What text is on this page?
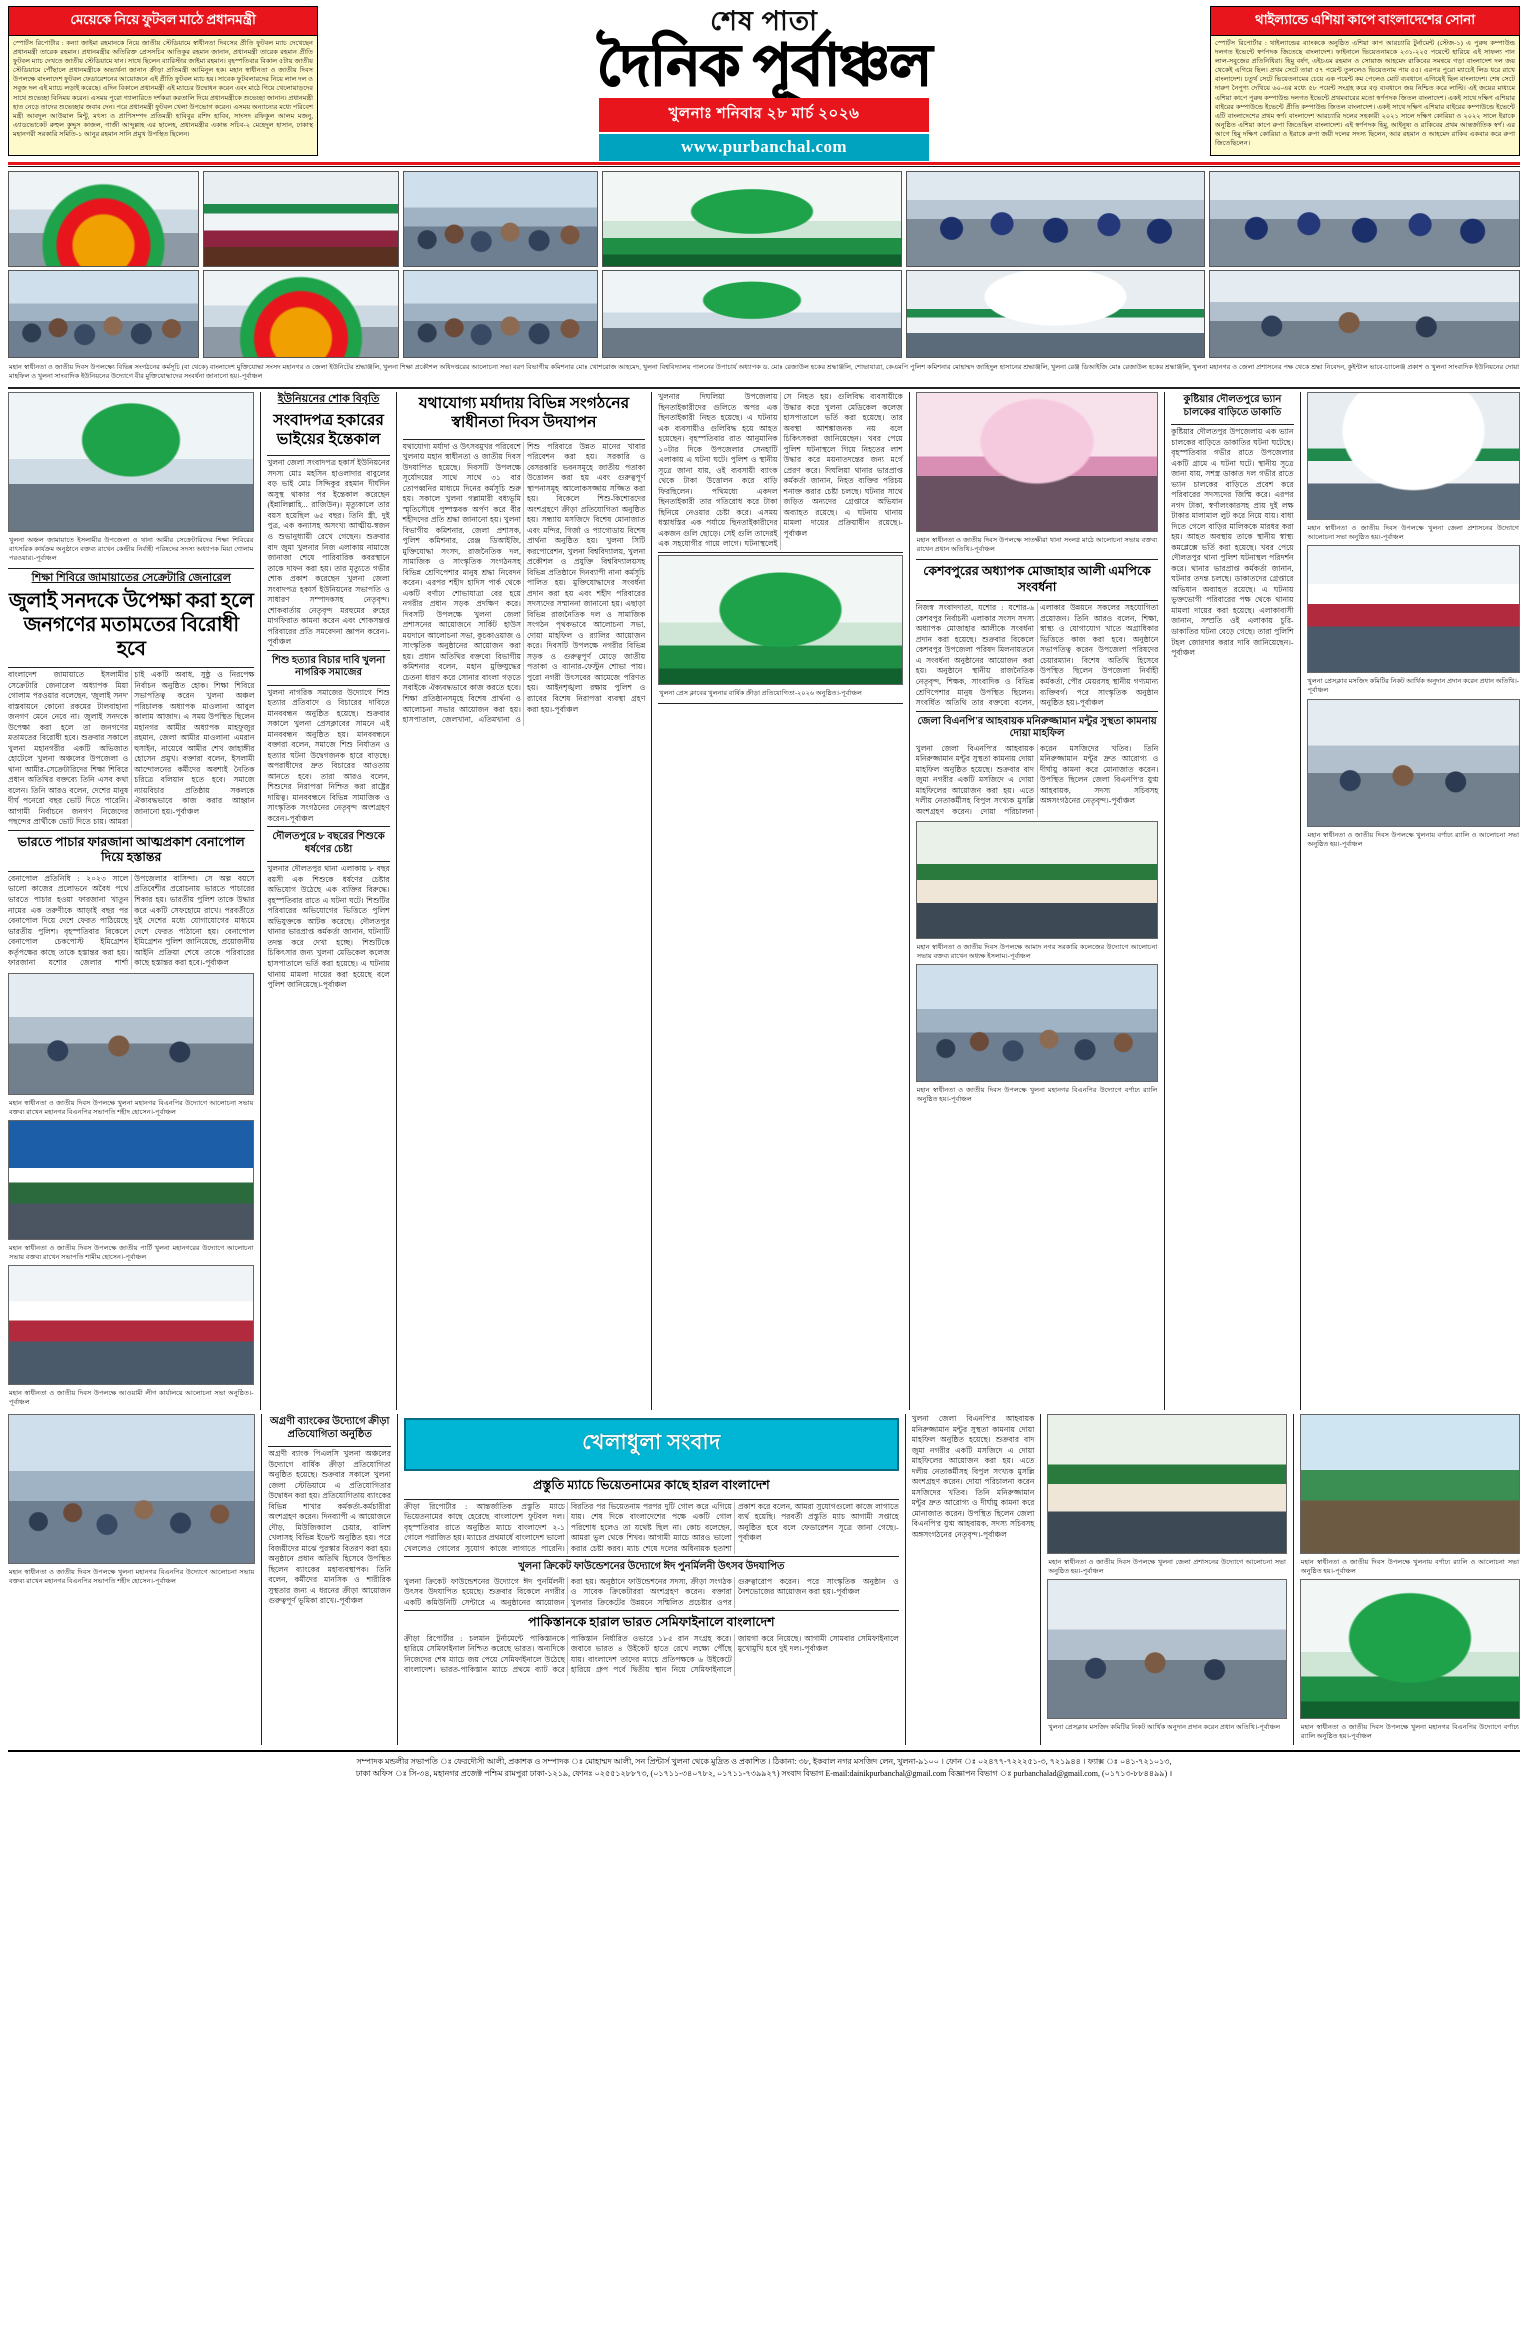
মেয়েকে নিয়ে ফুটবল মাঠে প্রধানমন্ত্রী
স্পোর্টস রিপোর্টার : কন্যা জাইমা রহমানকে নিয়ে জাতীয় স্টেডিয়ামে স্বাধীনতা দিবসের প্রীতি ফুটবল ম্যাচ দেখেছেন প্রধানমন্ত্রী তারেক রহমান। প্রধানমন্ত্রীর অতিরিক্ত প্রেসসচিব আতিকুর রহমান জানান, প্রধানমন্ত্রী তারেক রহমান প্রীতি ফুটবল ম্যাচ দেখতে জাতীয় স্টেডিয়ামে যান। সাথে ছিলেন ব্যারিস্টার জাইমা রহমান। বৃহস্পতিবার বিকাল ৫টায় জাতীয় স্টেডিয়ামে পৌঁছালে প্রধানমন্ত্রীকে অভ্যর্থনা জানান ক্রীড়া প্রতিমন্ত্রী আমিনুল হক। মহান স্বাধীনতা ও জাতীয় দিবস উপলক্ষে বাংলাদেশ ফুটবল ফেডারেশনের আয়োজনে এই প্রীতি ফুটবল ম্যাচ হয়। সাবেক ফুটবলারদের নিয়ে লাল দল ও সবুজ দল এই ম্যাচে লড়াই করেছে। এদিন বিকালে প্রধানমন্ত্রী এই ম্যাচের উদ্বোধন করেন এবং মাঠে গিয়ে খেলোয়াড়দের সাথে শুভেচ্ছা বিনিময় করেন। এসময় পুরো গ্যালারিতে দর্শকরা করতালি দিয়ে প্রধানমন্ত্রীকে শুভেচ্ছা জানান। প্রধানমন্ত্রী হাত নেড়ে তাদের শুভেচ্ছার জবাব দেন। পরে প্রধানমন্ত্রী ফুটবল খেলা উপভোগ করেন। এসময় অন্যান্যের মধ্যে পরিবেশ মন্ত্রী আবদুল আউয়াল মিন্টু, মৎস্য ও প্রাণিসম্পদ প্রতিমন্ত্রী হাবিবুর রশিদ হাবিব, সাংসদ রফিকুল আলম মজনু, এ্যাডভোকেট রুহুল কুদ্দুস কাজল, গাজী আব্দুল্লাহ এর ছালেহ, প্রধানমন্ত্রীর একান্ত সচিব-২ মেহেদুল হাসান, ঢাকাস্থ মহানগরী সরকারি সমিতি-১ আনুর রহমান সানি প্রমুখ উপস্থিত ছিলেন।
শেষ পাতা
দৈনিক পূর্বাঞ্চল
খুলনাঃ শনিবার ২৮ মার্চ ২০২৬
www.purbanchal.com
থাইল্যান্ডে এশিয়া কাপে বাংলাদেশের সোনা
স্পোর্টস রিপোর্টার : থাইল্যান্ডের ব্যাংককে অনুষ্ঠিত এশিয়া কাপ আরচ্যারি টুর্নামেন্ট (স্টেজ-১) এ পুরুষ কম্পাউন্ড দলগত ইভেন্টে স্বর্ণপদক জিতেছে বাংলাদেশ। ফাইনালে ভিয়েতনামকে ২৩১-২২৫ পয়েন্টে হারিয়ে এই সাফল্য পান লাল-সবুজের প্রতিনিধিরা। হিমু বর্ষণ, এইচএম রহমান ও সোয়াজ আহমেদ রাকিবের সমন্বয়ে গড়া বাংলাদেশ দল জয় থেকেই এগিয়ে ছিল। প্রথম সেটে তারা ৫৭ পয়েন্ট তুললেও ভিয়েতনাম পায় ৫৫। এরপর পুরো ম্যাচেই লিড ধরে রাখে বাংলাদেশ। চতুর্থ সেটে ভিয়েতনামের চেয়ে এক পয়েন্ট কম পেলেও মোট ব্যবধানে এগিয়েই ছিল বাংলাদেশ। শেষ সেটে দারুণ নৈপুণ্য দেখিয়ে ৬০-এর মধ্যে ৫৮ পয়েন্ট সংগ্রহ করে বড় ব্যবধানে জয় নিশ্চিত করে লাল্টি। এই জয়ের মাধ্যমে এশিয়া কাপে পুরুষ কম্পাউন্ড দলগত ইভেন্টে প্রথমবারের মতো স্বর্ণপদক জিতল বাংলাদেশ। একই সাথে দক্ষিণ এশিয়ার বাইরের কম্পাউন্ডে ইভেন্টে প্রীতি কম্পাউন্ড জিতল বাংলাদেশ। একই সাথে দক্ষিণ এশিয়ার বাইরের কম্পাউন্ডে ইভেন্টে এটি বাংলাদেশের প্রথম স্বর্ণ। বাংলাদেশ আরচ্যারি দলের সহকারী ২০২১ সালে দক্ষিণ কোরিয়া ও ২০২২ সালে ইরাকে অনুষ্ঠিত এশিয়া কাপে রুপা জিতেছিল বাংলাদেশ। এই স্বর্ণপদক হিমু, আইনুষ্য ও রাকিবের প্রথম আন্তর্জাতিক স্বর্ণ। এর আগে হিমু দক্ষিণ কোরিয়া ও ইরাকে রুপা জয়ী দলের সদস্য ছিলেন, আর রহমান ও আহমেদ রাকিব একবার করে রুপা জিতেছিলেন।
মহান স্বাধীনতা ও জাতীয় দিবস উপলক্ষ্যে বিভিন্ন সংগঠনের কর্মসূচি (বা থেকে) বাংলাদেশ মুক্তিযোদ্ধা সংসদ মহানগর ও জেলা ইউনিটের শ্রদ্ধাঞ্জলি, খুলনা শিক্ষা প্রকৌশল অধিদপ্তরের আলোচনা সভা বরণ বিভাগীয় কমিশনার মোঃ খোশরোজ আহমেদ, খুলনা বিশ্ববিদ্যালয় পালনের উপাচার্য অধ্যাপক ড. মোঃ রেজাউল হকের শ্রদ্ধাঞ্জলি, শোভাযাত্রা, কেএমপি পুলিশ কমিশনার মোহাম্মদ জাহিদুল হাসানের শ্রদ্ধাঞ্জলি, খুলনা রেঞ্জ ডিআইজি মোঃ রেজাউল হকের শ্রদ্ধাঞ্জলি, খুলনা মহানগর ও জেলা প্রশাসনের পক্ষ থেকে শ্রদ্ধা নিবেদন, কুইন্টাল ভাবে-চ্যালেঞ্জ প্রকাশ ও খুলনা সাংবাদিক ইউনিয়নের দোয়া মাহফিল ও খুলনা সাংবাদিক ইউনিয়নের উদ্যোগে বীর মুক্তিযোদ্ধাদের সংবর্ধনা জানানো হয়।-পূর্বাঞ্চল
খুলনা অঞ্চল জামায়াতে ইসলামীর উপজেলা ও থানা আমীর সেক্রেটারিদের শিক্ষা শিবিরের বাৎসরিক কার্যক্রম অনুষ্ঠানে বক্তব্য রাখেন কেন্দ্রীয় নির্বাহী পরিষদের সদস্য অধ্যাপক মিয়া গোলাম পরওয়ার।-পূর্বাঞ্চল
শিক্ষা শিবিরে জামায়াতের সেক্রেটারি জেনারেল
জুলাই সনদকে উপেক্ষা করা হলে জনগণের মতামতের বিরোধী হবে
বাংলাদেশ জামায়াতে ইসলামীর সেক্রেটারি জেনারেল অধ্যাপক মিয়া গোলাম পরওয়ার বলেছেন, 'জুলাই সনদ' বাস্তবায়নে কোনো রকমের টালবাহানা জনগণ মেনে নেবে না। জুলাই সনদকে উপেক্ষা করা হলে তা জনগণের মতামতের বিরোধী হবে। শুক্রবার সকালে খুলনা মহানগরীর একটি অভিজাত হোটেলে খুলনা অঞ্চলের উপজেলা ও থানা আমীর-সেক্রেটারিদের শিক্ষা শিবিরে প্রধান অতিথির বক্তব্যে তিনি এসব কথা বলেন। তিনি আরও বলেন, দেশের মানুষ দীর্ঘ পনেরো বছর ভোট দিতে পারেনি। আগামী নির্বাচনে জনগণ নিজেদের পছন্দের প্রার্থীকে ভোট দিতে চায়। আমরা চাই একটি অবাধ, সুষ্ঠু ও নিরপেক্ষ নির্বাচন অনুষ্ঠিত হোক। শিক্ষা শিবিরে সভাপতিত্ব করেন খুলনা অঞ্চল পরিচালক অধ্যাপক মাওলানা আবুল কালাম আজাদ। এ সময় উপস্থিত ছিলেন মহানগর আমীর অধ্যাপক মাহফুজুর রহমান, জেলা আমীর মাওলানা এমরান হুসাইন, নায়েবে আমীর শেখ জাহাঙ্গীর হোসেন প্রমুখ। বক্তারা বলেন, ইসলামী আন্দোলনের কর্মীদের অবশ্যই নৈতিক চরিত্রে বলিয়ান হতে হবে। সমাজে ন্যায়বিচার প্রতিষ্ঠায় সকলকে ঐক্যবদ্ধভাবে কাজ করার আহ্বান জানানো হয়।-পূর্বাঞ্চল
ভারতে পাচার ফারজানা আত্মপ্রকাশ বেনাপোল দিয়ে হস্তান্তর
বেনাপোল প্রতিনিধি : ২০২৩ সালে ভালো কাজের প্রলোভনে অবৈধ পথে ভারতে পাচার হওয়া ফারজানা খাতুন নামের এক তরুণীকে আড়াই বছর পর বেনাপোল দিয়ে দেশে ফেরত পাঠিয়েছে ভারতীয় পুলিশ। বৃহস্পতিবার বিকেলে বেনাপোল চেকপোস্ট ইমিগ্রেশন কর্তৃপক্ষের কাছে তাকে হস্তান্তর করা হয়। ফারজানা যশোর জেলার শার্শা উপজেলার বাসিন্দা। সে অল্প বয়সে প্রতিবেশীর প্ররোচনায় ভারতে পাচারের শিকার হয়। ভারতীয় পুলিশ তাকে উদ্ধার করে একটি সেফহোমে রাখে। পরবর্তীতে দুই দেশের মধ্যে যোগাযোগের মাধ্যমে দেশে ফেরত পাঠানো হয়। বেনাপোল ইমিগ্রেশন পুলিশ জানিয়েছে, প্রয়োজনীয় আইনি প্রক্রিয়া শেষে তাকে পরিবারের কাছে হস্তান্তর করা হবে।-পূর্বাঞ্চল
মহান স্বাধীনতা ও জাতীয় দিবস উপলক্ষে খুলনা মহানগর বিএনপির উদ্যোগে আলোচনা সভায় বক্তব্য রাখেন মহানগর বিএনপির সভাপতি শহীদ হোসেন।-পূর্বাঞ্চল
মহান স্বাধীনতা ও জাতীয় দিবস উপলক্ষে জাতীয় পার্টি খুলনা মহানগরের উদ্যোগে আলোচনা সভায় বক্তব্য রাখেন সভাপতি শামীম হোসেন।-পূর্বাঞ্চল
মহান স্বাধীনতা ও জাতীয় দিবস উপলক্ষে আওয়ামী লীগ কার্যালয়ে আলোচনা সভা অনুষ্ঠিত।-পূর্বাঞ্চল
ইউনিয়নের শোক বিবৃতি
সংবাদপত্র হকারের ভাইয়ের ইন্তেকাল
খুলনা জেলা সংবাদপত্র হকার্স ইউনিয়নের সদস্য মোঃ মহসিন হাওলাদার বাবুলের বড় ভাই মোঃ সিদ্দিকুর রহমান দীর্ঘদিন অসুস্থ থাকার পর ইন্তেকাল করেছেন (ইন্নালিল্লাহি... রাজিউন)। মৃত্যুকালে তার বয়স হয়েছিল ৬৫ বছর। তিনি স্ত্রী, দুই পুত্র, এক কন্যাসহ অসংখ্য আত্মীয়-স্বজন ও শুভানুধ্যায়ী রেখে গেছেন। শুক্রবার বাদ জুমা খুলনার নিজ এলাকায় নামাজে জানাজা শেষে পারিবারিক কবরস্থানে তাকে দাফন করা হয়। তার মৃত্যুতে গভীর শোক প্রকাশ করেছেন খুলনা জেলা সংবাদপত্র হকার্স ইউনিয়নের সভাপতি ও সাধারণ সম্পাদকসহ নেতৃবৃন্দ। শোকবার্তায় নেতৃবৃন্দ মরহুমের রুহের মাগফিরাত কামনা করেন এবং শোকসন্তপ্ত পরিবারের প্রতি সমবেদনা জ্ঞাপন করেন।-পূর্বাঞ্চল
শিশু হত্যার বিচার দাবি খুলনা নাগরিক সমাজের
খুলনা নাগরিক সমাজের উদ্যোগে শিশু হত্যার প্রতিবাদে ও বিচারের দাবিতে মানববন্ধন অনুষ্ঠিত হয়েছে। শুক্রবার সকালে খুলনা প্রেসক্লাবের সামনে এই মানববন্ধন অনুষ্ঠিত হয়। মানববন্ধনে বক্তারা বলেন, সমাজে শিশু নির্যাতন ও হত্যার ঘটনা উদ্বেগজনক হারে বাড়ছে। অপরাধীদের দ্রুত বিচারের আওতায় আনতে হবে। তারা আরও বলেন, শিশুদের নিরাপত্তা নিশ্চিত করা রাষ্ট্রের দায়িত্ব। মানববন্ধনে বিভিন্ন সামাজিক ও সাংস্কৃতিক সংগঠনের নেতৃবৃন্দ অংশগ্রহণ করেন।-পূর্বাঞ্চল
দৌলতপুরে ৮ বছরের শিশুকে ধর্ষণের চেষ্টা
খুলনার দৌলতপুর থানা এলাকায় ৮ বছর বয়সী এক শিশুকে ধর্ষণের চেষ্টার অভিযোগ উঠেছে এক ব্যক্তির বিরুদ্ধে। বৃহস্পতিবার রাতে এ ঘটনা ঘটে। শিশুটির পরিবারের অভিযোগের ভিত্তিতে পুলিশ অভিযুক্তকে আটক করেছে। দৌলতপুর থানার ভারপ্রাপ্ত কর্মকর্তা জানান, ঘটনাটি তদন্ত করে দেখা হচ্ছে। শিশুটিকে চিকিৎসার জন্য খুলনা মেডিকেল কলেজ হাসপাতালে ভর্তি করা হয়েছে। এ ঘটনায় থানায় মামলা দায়ের করা হয়েছে বলে পুলিশ জানিয়েছে।-পূর্বাঞ্চল
যথাযোগ্য মর্যাদায় বিভিন্ন সংগঠনের স্বাধীনতা দিবস উদযাপন
যথাযোগ্য মর্যাদা ও উৎসবমুখর পরিবেশে খুলনায় মহান স্বাধীনতা ও জাতীয় দিবস উদযাপিত হয়েছে। দিবসটি উপলক্ষে সূর্যোদয়ের সাথে সাথে ৩১ বার তোপধ্বনির মাধ্যমে দিনের কর্মসূচি শুরু হয়। সকালে খুলনা গল্লামারী বধ্যভূমি স্মৃতিসৌধে পুষ্পস্তবক অর্পণ করে বীর শহীদদের প্রতি শ্রদ্ধা জানানো হয়। খুলনা বিভাগীয় কমিশনার, জেলা প্রশাসক, পুলিশ কমিশনার, রেঞ্জ ডিআইজি, মুক্তিযোদ্ধা সংসদ, রাজনৈতিক দল, সামাজিক ও সাংস্কৃতিক সংগঠনসহ বিভিন্ন শ্রেণিপেশার মানুষ শ্রদ্ধা নিবেদন করেন। এরপর শহীদ হাদিস পার্ক থেকে একটি বর্ণাঢ্য শোভাযাত্রা বের হয়ে নগরীর প্রধান সড়ক প্রদক্ষিণ করে। দিবসটি উপলক্ষে খুলনা জেলা প্রশাসনের আয়োজনে সার্কিট হাউস ময়দানে আলোচনা সভা, কুচকাওয়াজ ও সাংস্কৃতিক অনুষ্ঠানের আয়োজন করা হয়। প্রধান অতিথির বক্তব্যে বিভাগীয় কমিশনার বলেন, মহান মুক্তিযুদ্ধের চেতনা ধারণ করে সোনার বাংলা গড়তে সবাইকে ঐক্যবদ্ধভাবে কাজ করতে হবে। শিক্ষা প্রতিষ্ঠানসমূহে বিশেষ প্রার্থনা ও আলোচনা সভার আয়োজন করা হয়। হাসপাতাল, জেলখানা, এতিমখানা ও শিশু পরিবারে উন্নত মানের খাবার পরিবেশন করা হয়। সরকারি ও বেসরকারি ভবনসমূহে জাতীয় পতাকা উত্তোলন করা হয় এবং গুরুত্বপূর্ণ স্থাপনাসমূহ আলোকসজ্জায় সজ্জিত করা হয়। বিকেলে শিশু-কিশোরদের অংশগ্রহণে ক্রীড়া প্রতিযোগিতা অনুষ্ঠিত হয়। সন্ধ্যায় মসজিদে বিশেষ মোনাজাত এবং মন্দির, গির্জা ও প্যাগোডায় বিশেষ প্রার্থনা অনুষ্ঠিত হয়। খুলনা সিটি করপোরেশন, খুলনা বিশ্ববিদ্যালয়, খুলনা প্রকৌশল ও প্রযুক্তি বিশ্ববিদ্যালয়সহ বিভিন্ন প্রতিষ্ঠানে দিনব্যাপী নানা কর্মসূচি পালিত হয়। মুক্তিযোদ্ধাদের সংবর্ধনা প্রদান করা হয় এবং শহীদ পরিবারের সদস্যদের সম্মাননা জানানো হয়। এছাড়া বিভিন্ন রাজনৈতিক দল ও সামাজিক সংগঠন পৃথকভাবে আলোচনা সভা, দোয়া মাহফিল ও র‍্যালির আয়োজন করে। দিবসটি উপলক্ষে নগরীর বিভিন্ন সড়ক ও গুরুত্বপূর্ণ মোড়ে জাতীয় পতাকা ও ব্যানার-ফেস্টুন শোভা পায়। পুরো নগরী উৎসবের আমেজে পরিণত হয়। আইনশৃঙ্খলা রক্ষায় পুলিশ ও র‍্যাবের বিশেষ নিরাপত্তা ব্যবস্থা গ্রহণ করা হয়।-পূর্বাঞ্চল
খুলনার দিঘলিয়া উপজেলায় ছিনতাইকারীদের গুলিতে অপর এক ছিনতাইকারী নিহত হয়েছে। এ ঘটনায় এক ব্যবসায়ীও গুলিবিদ্ধ হয়ে আহত হয়েছেন। বৃহস্পতিবার রাত আনুমানিক ১০টার দিকে উপজেলার সেনহাটি এলাকায় এ ঘটনা ঘটে। পুলিশ ও স্থানীয় সূত্রে জানা যায়, ওই ব্যবসায়ী ব্যাংক থেকে টাকা উত্তোলন করে বাড়ি ফিরছিলেন। পথিমধ্যে একদল ছিনতাইকারী তার গতিরোধ করে টাকা ছিনিয়ে নেওয়ার চেষ্টা করে। এসময় ধস্তাধস্তির এক পর্যায়ে ছিনতাইকারীদের একজন গুলি ছোড়ে। সেই গুলি তাদেরই এক সহযোগীর গায়ে লাগে। ঘটনাস্থলেই সে নিহত হয়। গুলিবিদ্ধ ব্যবসায়ীকে উদ্ধার করে খুলনা মেডিকেল কলেজ হাসপাতালে ভর্তি করা হয়েছে। তার অবস্থা আশঙ্কাজনক নয় বলে চিকিৎসকরা জানিয়েছেন। খবর পেয়ে পুলিশ ঘটনাস্থলে গিয়ে নিহতের লাশ উদ্ধার করে ময়নাতদন্তের জন্য মর্গে প্রেরণ করে। দিঘলিয়া থানার ভারপ্রাপ্ত কর্মকর্তা জানান, নিহত ব্যক্তির পরিচয় শনাক্ত করার চেষ্টা চলছে। ঘটনার সাথে জড়িত অন্যদের গ্রেপ্তারে অভিযান অব্যাহত রয়েছে। এ ঘটনায় থানায় মামলা দায়ের প্রক্রিয়াধীন রয়েছে।-পূর্বাঞ্চল
খুলনা প্রেস ক্লাবের খুলনার বার্ষিক ক্রীড়া প্রতিযোগিতা-২০২৬ অনুষ্ঠিত।-পূর্বাঞ্চল
মহান স্বাধীনতা ও জাতীয় দিবস উপলক্ষে সাতক্ষীরা থানা সংলগ্ন মাঠে আলোচনা সভায় বক্তব্য রাখেন প্রধান অতিথি।-পূর্বাঞ্চল
কেশবপুরের অধ্যাপক মোজাহার আলী এমপিকে সংবর্ধনা
নিজস্ব সংবাদদাতা, যশোর : যশোর-৬ কেশবপুর নির্বাচনী এলাকার সংসদ সদস্য অধ্যাপক মোজাহার আলীকে সংবর্ধনা প্রদান করা হয়েছে। শুক্রবার বিকেলে কেশবপুর উপজেলা পরিষদ মিলনায়তনে এ সংবর্ধনা অনুষ্ঠানের আয়োজন করা হয়। অনুষ্ঠানে স্থানীয় রাজনৈতিক নেতৃবৃন্দ, শিক্ষক, সাংবাদিক ও বিভিন্ন শ্রেণিপেশার মানুষ উপস্থিত ছিলেন। সংবর্ধিত অতিথি তার বক্তব্যে বলেন, এলাকার উন্নয়নে সকলের সহযোগিতা প্রয়োজন। তিনি আরও বলেন, শিক্ষা, স্বাস্থ্য ও যোগাযোগ খাতে অগ্রাধিকার ভিত্তিতে কাজ করা হবে। অনুষ্ঠানে সভাপতিত্ব করেন উপজেলা পরিষদের চেয়ারম্যান। বিশেষ অতিথি হিসেবে উপস্থিত ছিলেন উপজেলা নির্বাহী কর্মকর্তা, পৌর মেয়রসহ স্থানীয় গণ্যমান্য ব্যক্তিবর্গ। পরে সাংস্কৃতিক অনুষ্ঠান অনুষ্ঠিত হয়।-পূর্বাঞ্চল
জেলা বিএনপি'র আহবায়ক মনিরুজ্জামান মন্টুর সুস্থতা কামনায় দোয়া মাহফিল
খুলনা জেলা বিএনপি'র আহবায়ক মনিরুজ্জামান মন্টুর সুস্থতা কামনায় দোয়া মাহফিল অনুষ্ঠিত হয়েছে। শুক্রবার বাদ জুমা নগরীর একটি মসজিদে এ দোয়া মাহফিলের আয়োজন করা হয়। এতে দলীয় নেতাকর্মীসহ বিপুল সংখ্যক মুসল্লি অংশগ্রহণ করেন। দোয়া পরিচালনা করেন মসজিদের খতিব। তিনি মনিরুজ্জামান মন্টুর দ্রুত আরোগ্য ও দীর্ঘায়ু কামনা করে মোনাজাত করেন। উপস্থিত ছিলেন জেলা বিএনপি'র যুগ্ম আহবায়ক, সদস্য সচিবসহ অঙ্গসংগঠনের নেতৃবৃন্দ।-পূর্বাঞ্চল
মহান স্বাধীনতা ও জাতীয় দিবস উপলক্ষে আমাদ নগর সরকারি কলেজের উদ্যোগে আলোচনা সভায় বক্তব্য রাখেন অধ্যক্ষ ইসলাম।-পূর্বাঞ্চল
মহান স্বাধীনতা ও জাতীয় দিবস উপলক্ষে খুলনা মহানগর বিএনপির উদ্যোগে বর্ণাঢ্য র‍্যালি অনুষ্ঠিত হয়।-পূর্বাঞ্চল
কুষ্টিয়ার দৌলতপুরে ভ্যান চালকের বাড়িতে ডাকাতি
কুষ্টিয়ার দৌলতপুর উপজেলায় এক ভ্যান চালকের বাড়িতে ডাকাতির ঘটনা ঘটেছে। বৃহস্পতিবার গভীর রাতে উপজেলার একটি গ্রামে এ ঘটনা ঘটে। স্থানীয় সূত্রে জানা যায়, সশস্ত্র ডাকাত দল গভীর রাতে ভ্যান চালকের বাড়িতে প্রবেশ করে পরিবারের সদস্যদের জিম্মি করে। এরপর নগদ টাকা, স্বর্ণালংকারসহ প্রায় দুই লক্ষ টাকার মালামাল লুট করে নিয়ে যায়। বাধা দিতে গেলে বাড়ির মালিককে মারধর করা হয়। আহত অবস্থায় তাকে স্থানীয় স্বাস্থ্য কমপ্লেক্সে ভর্তি করা হয়েছে। খবর পেয়ে দৌলতপুর থানা পুলিশ ঘটনাস্থল পরিদর্শন করে। থানার ভারপ্রাপ্ত কর্মকর্তা জানান, ঘটনার তদন্ত চলছে। ডাকাতদের গ্রেপ্তারে অভিযান অব্যাহত রয়েছে। এ ঘটনায় ভুক্তভোগী পরিবারের পক্ষ থেকে থানায় মামলা দায়ের করা হয়েছে। এলাকাবাসী জানান, সম্প্রতি ওই এলাকায় চুরি-ডাকাতির ঘটনা বেড়ে গেছে। তারা পুলিশি টহল জোরদার করার দাবি জানিয়েছেন।-পূর্বাঞ্চল
মহান স্বাধীনতা ও জাতীয় দিবস উপলক্ষে খুলনা জেলা প্রশাসনের উদ্যোগে আলোচনা সভা অনুষ্ঠিত হয়।-পূর্বাঞ্চল
খুলনা প্রেসক্লাব মসজিদ কমিটির নিকট আর্থিক অনুদান প্রদান করেন প্রধান অতিথি।-পূর্বাঞ্চল
মহান স্বাধীনতা ও জাতীয় দিবস উপলক্ষে খুলনায় বর্ণাঢ্য র‍্যালি ও আলোচনা সভা অনুষ্ঠিত হয়।-পূর্বাঞ্চল
মহান স্বাধীনতা ও জাতীয় দিবস উপলক্ষে খুলনা মহানগর বিএনপির উদ্যোগে আলোচনা সভায় বক্তব্য রাখেন মহানগর বিএনপির সভাপতি শহীদ হোসেন।-পূর্বাঞ্চল
অগ্রণী ব্যাংকের উদ্যোগে ক্রীড়া প্রতিযোগিতা অনুষ্ঠিত
অগ্রণী ব্যাংক পিএলসি খুলনা অঞ্চলের উদ্যোগে বার্ষিক ক্রীড়া প্রতিযোগিতা অনুষ্ঠিত হয়েছে। শুক্রবার সকালে খুলনা জেলা স্টেডিয়ামে এ প্রতিযোগিতার উদ্বোধন করা হয়। প্রতিযোগিতায় ব্যাংকের বিভিন্ন শাখার কর্মকর্তা-কর্মচারীরা অংশগ্রহণ করেন। দিনব্যাপী এ আয়োজনে দৌড়, মিউজিক্যাল চেয়ার, বালিশ খেলাসহ বিভিন্ন ইভেন্ট অনুষ্ঠিত হয়। পরে বিজয়ীদের মাঝে পুরস্কার বিতরণ করা হয়। অনুষ্ঠানে প্রধান অতিথি হিসেবে উপস্থিত ছিলেন ব্যাংকের মহাব্যবস্থাপক। তিনি বলেন, কর্মীদের মানসিক ও শারীরিক সুস্থতার জন্য এ ধরনের ক্রীড়া আয়োজন গুরুত্বপূর্ণ ভূমিকা রাখে।-পূর্বাঞ্চল
খেলাধুলা সংবাদ
প্রস্তুতি ম্যাচে ভিয়েতনামের কাছে হারল বাংলাদেশ
ক্রীড়া রিপোর্টার : আন্তর্জাতিক প্রস্তুতি ম্যাচে ভিয়েতনামের কাছে হেরেছে বাংলাদেশ ফুটবল দল। বৃহস্পতিবার রাতে অনুষ্ঠিত ম্যাচে বাংলাদেশ ২-১ গোলে পরাজিত হয়। ম্যাচের প্রথমার্ধে বাংলাদেশ ভালো খেললেও গোলের সুযোগ কাজে লাগাতে পারেনি। বিরতির পর ভিয়েতনাম পরপর দুটি গোল করে এগিয়ে যায়। শেষ দিকে বাংলাদেশের পক্ষে একটি গোল পরিশোধ হলেও তা যথেষ্ট ছিল না। কোচ বলেছেন, আমরা ভুল থেকে শিখব। আগামী ম্যাচে আরও ভালো করার চেষ্টা করব। ম্যাচ শেষে দলের অধিনায়ক হতাশা প্রকাশ করে বলেন, আমরা সুযোগগুলো কাজে লাগাতে ব্যর্থ হয়েছি। পরবর্তী প্রস্তুতি ম্যাচ আগামী সপ্তাহে অনুষ্ঠিত হবে বলে ফেডারেশন সূত্রে জানা গেছে।-পূর্বাঞ্চল
খুলনা ক্রিকেট ফাউন্ডেশনের উদ্যোগে ঈদ পুনর্মিলনী উৎসব উদযাপিত
খুলনা ক্রিকেট ফাউন্ডেশনের উদ্যোগে ঈদ পুনর্মিলনী উৎসব উদযাপিত হয়েছে। শুক্রবার বিকেলে নগরীর একটি কমিউনিটি সেন্টারে এ অনুষ্ঠানের আয়োজন করা হয়। অনুষ্ঠানে ফাউন্ডেশনের সদস্য, ক্রীড়া সংগঠক ও সাবেক ক্রিকেটাররা অংশগ্রহণ করেন। বক্তারা খুলনার ক্রিকেটের উন্নয়নে সম্মিলিত প্রচেষ্টার ওপর গুরুত্বারোপ করেন। পরে সাংস্কৃতিক অনুষ্ঠান ও নৈশভোজের আয়োজন করা হয়।-পূর্বাঞ্চল
পাকিস্তানকে হারাল ভারত সেমিফাইনালে বাংলাদেশ
ক্রীড়া রিপোর্টার : চলমান টুর্নামেন্টে পাকিস্তানকে হারিয়ে সেমিফাইনাল নিশ্চিত করেছে ভারত। অন্যদিকে নিজেদের শেষ ম্যাচে জয় পেয়ে সেমিফাইনালে উঠেছে বাংলাদেশ। ভারত-পাকিস্তান ম্যাচে প্রথমে ব্যাট করে পাকিস্তান নির্ধারিত ওভারে ১৮৫ রান সংগ্রহ করে। জবাবে ভারত ৪ উইকেট হাতে রেখে লক্ষ্যে পৌঁছে যায়। বাংলাদেশ তাদের ম্যাচে প্রতিপক্ষকে ৬ উইকেটে হারিয়ে গ্রুপ পর্বে দ্বিতীয় স্থান নিয়ে সেমিফাইনালে জায়গা করে নিয়েছে। আগামী সোমবার সেমিফাইনালে মুখোমুখি হবে দুই দল।-পূর্বাঞ্চল
খুলনা জেলা বিএনপি'র আহবায়ক মনিরুজ্জামান মন্টুর সুস্থতা কামনায় দোয়া মাহফিল অনুষ্ঠিত হয়েছে। শুক্রবার বাদ জুমা নগরীর একটি মসজিদে এ দোয়া মাহফিলের আয়োজন করা হয়। এতে দলীয় নেতাকর্মীসহ বিপুল সংখ্যক মুসল্লি অংশগ্রহণ করেন। দোয়া পরিচালনা করেন মসজিদের খতিব। তিনি মনিরুজ্জামান মন্টুর দ্রুত আরোগ্য ও দীর্ঘায়ু কামনা করে মোনাজাত করেন। উপস্থিত ছিলেন জেলা বিএনপি'র যুগ্ম আহবায়ক, সদস্য সচিবসহ অঙ্গসংগঠনের নেতৃবৃন্দ।-পূর্বাঞ্চল
মহান স্বাধীনতা ও জাতীয় দিবস উপলক্ষে খুলনা জেলা প্রশাসনের উদ্যোগে আলোচনা সভা অনুষ্ঠিত হয়।-পূর্বাঞ্চল
খুলনা প্রেসক্লাব মসজিদ কমিটির নিকট আর্থিক অনুদান প্রদান করেন প্রধান অতিথি।-পূর্বাঞ্চল
মহান স্বাধীনতা ও জাতীয় দিবস উপলক্ষে খুলনায় বর্ণাঢ্য র‍্যালি ও আলোচনা সভা অনুষ্ঠিত হয়।-পূর্বাঞ্চল
মহান স্বাধীনতা ও জাতীয় দিবস উপলক্ষে খুলনা মহানগর বিএনপির উদ্যোগে বর্ণাঢ্য র‍্যালি অনুষ্ঠিত হয়।-পূর্বাঞ্চল
সম্পাদক মন্ডলীর সভাপতি ঃ ফেরদৌসী আলী, প্রকাশক ও সম্পাদক ঃ মোহাম্মদ আলী, সন প্রিন্টার্স খুলনা থেকে মুদ্রিত ও প্রকাশিত । ঠিকানা: ৩৮, ইকবাল নগর মসজিদ লেন, খুলনা-৯১০০ । ফোন ঃ ০২৪৭৭-৭২২২৫১-৩, ৭২১৯৪৪ । ফ্যাক্স ঃ ০৪১-৭২১০১৩,
ঢাকা অফিস ঃ সি-৩৪, মহানগর প্রজেক্ট পশ্চিম রামপুরা ঢাকা-১২১৯, ফোনঃ ০২৫৫১২৮৮৭৩, (০১৭১১-৩৪০৭৮২, ০১৭১১-৭৩৯৯২৭) সংবাদ বিভাগ E-mail:dainikpurbanchal@gmail.com বিজ্ঞাপন বিভাগ ঃ purbanchalad@gmail.com, (০১৭১৩-৮৮৪৪৯৯) ।
